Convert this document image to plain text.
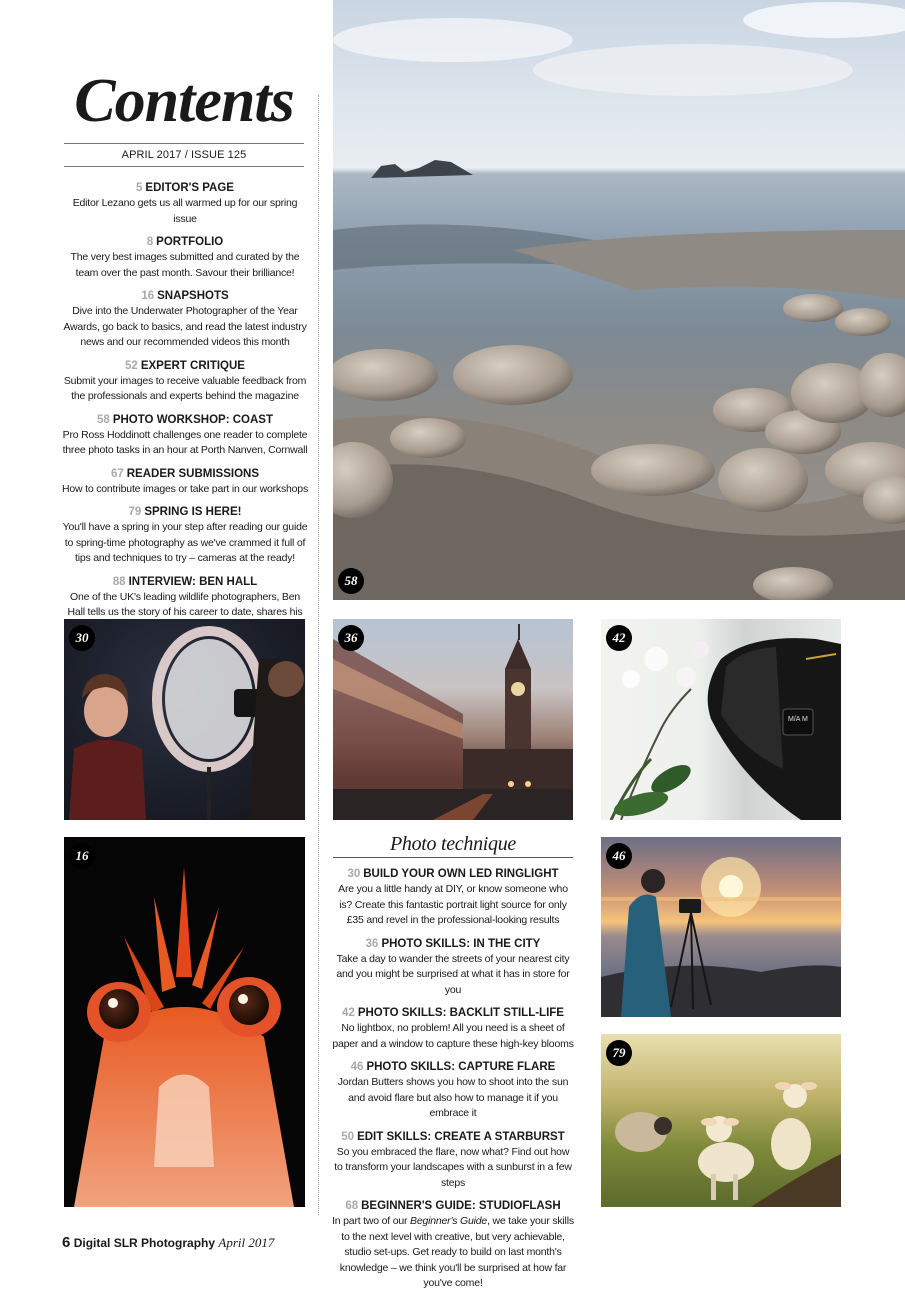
Contents
APRIL 2017 / ISSUE 125
5 EDITOR'S PAGE
Editor Lezano gets us all warmed up for our spring issue
8 PORTFOLIO
The very best images submitted and curated by the team over the past month. Savour their brilliance!
16 SNAPSHOTS
Dive into the Underwater Photographer of the Year Awards, go back to basics, and read the latest industry news and our recommended videos this month
52 EXPERT CRITIQUE
Submit your images to receive valuable feedback from the professionals and experts behind the magazine
58 PHOTO WORKSHOP: COAST
Pro Ross Hoddinott challenges one reader to complete three photo tasks in an hour at Porth Nanven, Cornwall
67 READER SUBMISSIONS
How to contribute images or take part in our workshops
79 SPRING IS HERE!
You'll have a spring in your step after reading our guide to spring-time photography as we've crammed it full of tips and techniques to try – cameras at the ready!
88 INTERVIEW: BEN HALL
One of the UK's leading wildlife photographers, Ben Hall tells us the story of his career to date, shares his
58
30	36
M/A M
42
16	46
79
Photo technique
30 BUILD YOUR OWN LED RINGLIGHT
Are you a little handy at DIY, or know someone who is? Create this fantastic portrait light source for only £35 and revel in the professional-looking results
36 PHOTO SKILLS: IN THE CITY
Take a day to wander the streets of your nearest city and you might be surprised at what it has in store for you
42 PHOTO SKILLS: BACKLIT STILL-LIFE
No lightbox, no problem! All you need is a sheet of paper and a window to capture these high-key blooms
46 PHOTO SKILLS: CAPTURE FLARE
Jordan Butters shows you how to shoot into the sun and avoid flare but also how to manage it if you embrace it
50 EDIT SKILLS: CREATE A STARBURST
So you embraced the flare, now what? Find out how to transform your landscapes with a sunburst in a few steps
68 BEGINNER'S GUIDE: STUDIOFLASH
In part two of our Beginner's Guide, we take your skills to the next level with creative, but very achievable, studio set-ups. Get ready to build on last month's knowledge – we think you'll be surprised at how far you've come!
6 Digital SLR Photography April 2017
